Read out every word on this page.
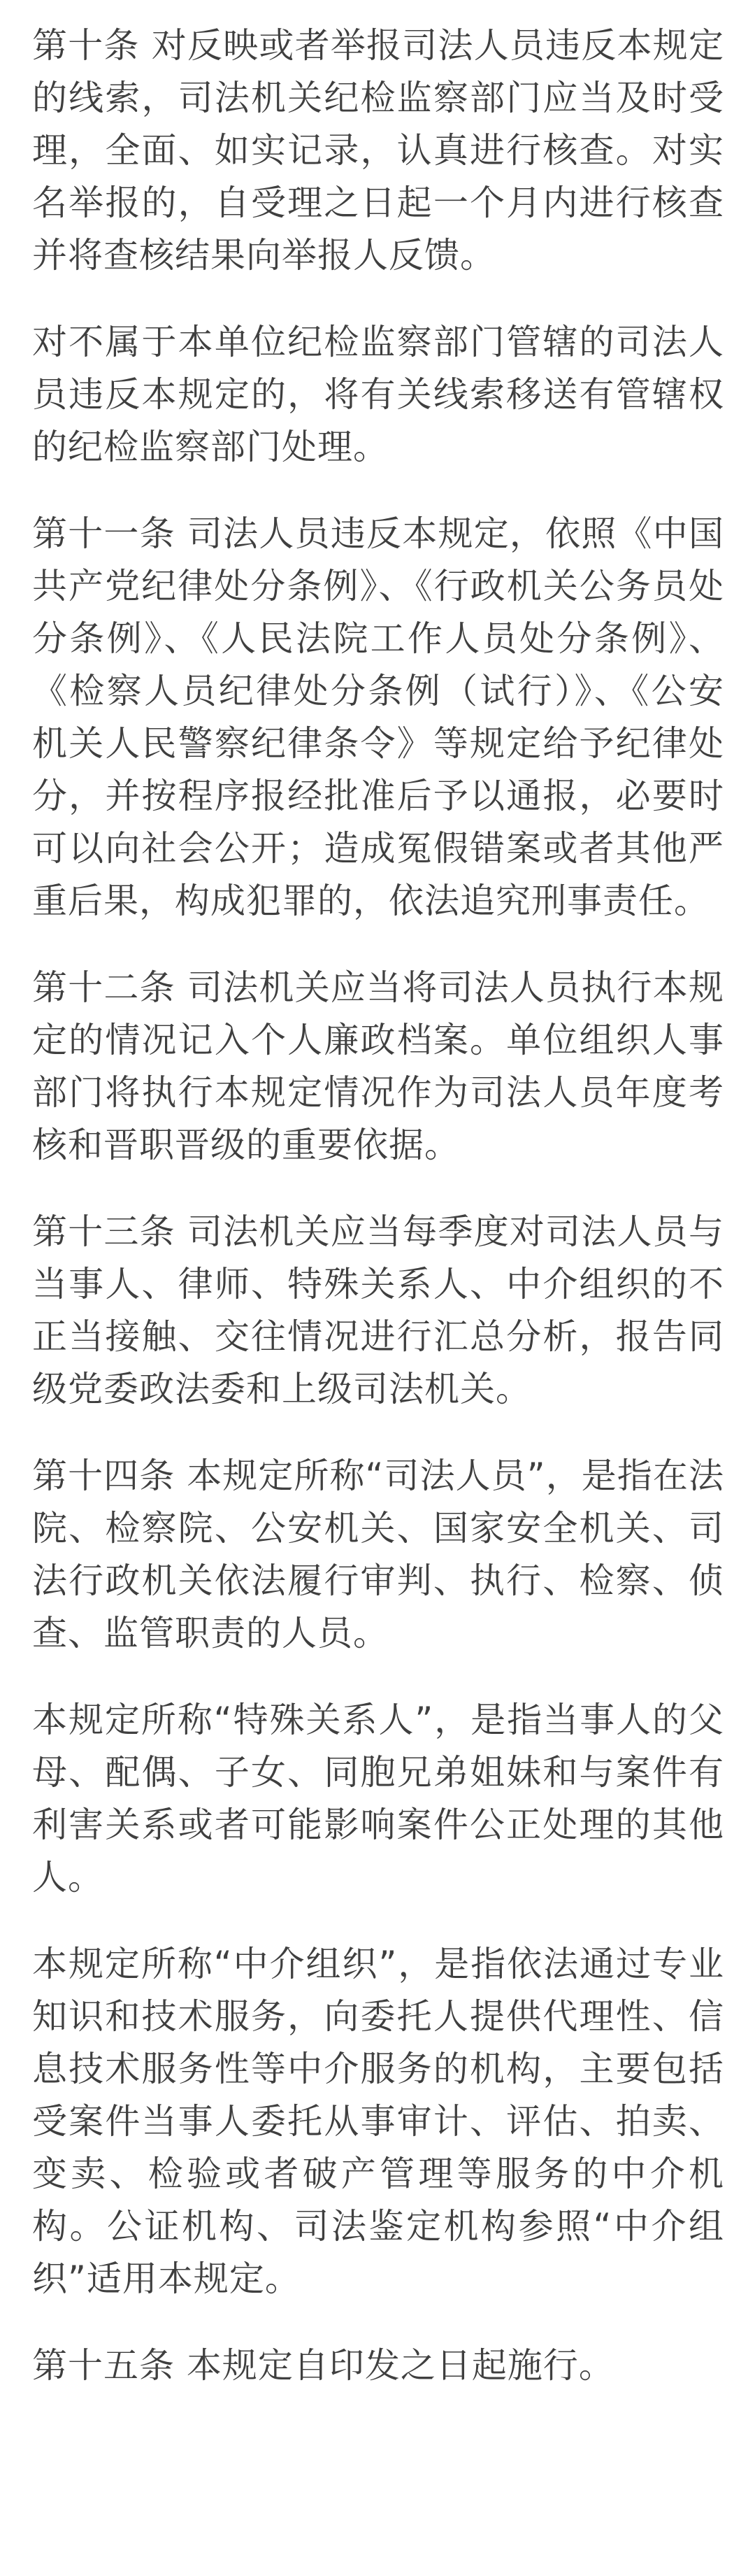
第十条 对反映或者举报司法人员违反本规定的线索，司法机关纪检监察部门应当及时受理，全面、如实记录，认真进行核查。对实名举报的，自受理之日起一个月内进行核查并将查核结果向举报人反馈。

对不属于本单位纪检监察部门管辖的司法人员违反本规定的，将有关线索移送有管辖权的纪检监察部门处理。

第十一条 司法人员违反本规定，依照《中国共产党纪律处分条例》、《行政机关公务员处分条例》、《人民法院工作人员处分条例》、《检察人员纪律处分条例（试行）》、《公安机关人民警察纪律条令》等规定给予纪律处分，并按程序报经批准后予以通报，必要时可以向社会公开；造成冤假错案或者其他严重后果，构成犯罪的，依法追究刑事责任。

第十二条 司法机关应当将司法人员执行本规定的情况记入个人廉政档案。单位组织人事部门将执行本规定情况作为司法人员年度考核和晋职晋级的重要依据。

第十三条 司法机关应当每季度对司法人员与当事人、律师、特殊关系人、中介组织的不正当接触、交往情况进行汇总分析，报告同级党委政法委和上级司法机关。

第十四条 本规定所称“司法人员”，是指在法院、检察院、公安机关、国家安全机关、司法行政机关依法履行审判、执行、检察、侦查、监管职责的人员。

本规定所称“特殊关系人”，是指当事人的父母、配偶、子女、同胞兄弟姐妹和与案件有利害关系或者可能影响案件公正处理的其他人。

本规定所称“中介组织”，是指依法通过专业知识和技术服务，向委托人提供代理性、信息技术服务性等中介服务的机构，主要包括受案件当事人委托从事审计、评估、拍卖、变卖、检验或者破产管理等服务的中介机构。公证机构、司法鉴定机构参照“中介组织”适用本规定。

第十五条 本规定自印发之日起施行。
